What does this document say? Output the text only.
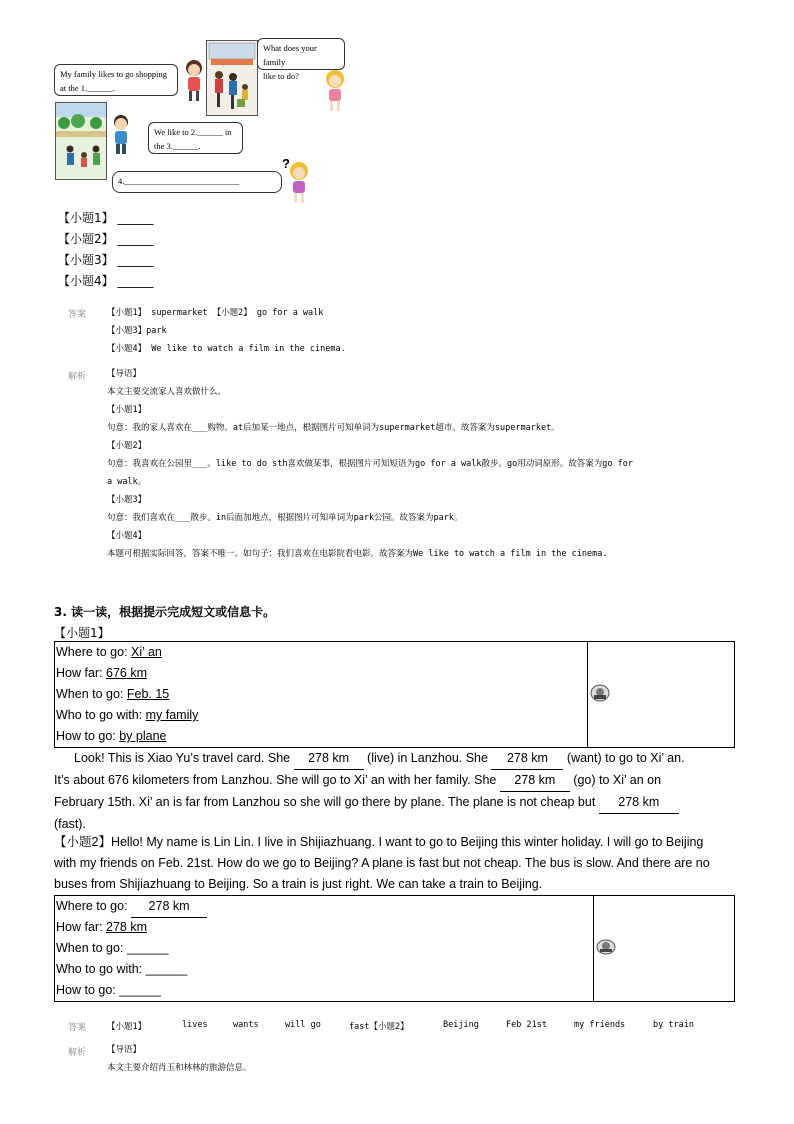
My family likes to go shopping
at the 1.______.
What does your family
like to do?
We like to 2.______ in
the 3.______.
4.___________________________
?
【小题1】 ______
【小题2】 ______
【小题3】 ______
【小题4】 ______
答案 【小题1】 supermarket 【小题2】 go for a walk
【小题3】park
【小题4】 We like to watch a film in the cinema.
解析 【导语】
本文主要交流家人喜欢做什么。
【小题1】
句意：我的家人喜欢在___购物。at后加某一地点，根据图片可知单词为supermarket超市。故答案为supermarket。
【小题2】
句意：我喜欢在公园里___。like to do sth喜欢做某事，根据图片可知短语为go for a walk散步。go用动词原形。故答案为go for
a walk。
【小题3】
句意：我们喜欢在___散步。in后面加地点，根据图片可知单词为park公园。故答案为park。
【小题4】
本题可根据实际回答，答案不唯一。如句子：我们喜欢在电影院看电影。故答案为We like to watch a film in the cinema.
3. 读一读，根据提示完成短文或信息卡。
【小题1】
Where to go: Xi’ an
How far: 676 km
When to go: Feb. 15
Who to go with: my family
How to go: by plane

Look! This is Xiao Yu’s travel card. She 278 km (live) in Lanzhou. She 278 km (want) to go to Xi’ an.
It’s about 676 kilometers from Lanzhou. She will go to Xi’ an with her family. She 278 km (go) to Xi’ an on
February 15th. Xi’ an is far from Lanzhou so she will go there by plane. The plane is not cheap but 278 km
(fast).
【小题2】Hello! My name is Lin Lin. I live in Shijiazhuang. I want to go to Beijing this winter holiday. I will go to Beijing
with my friends on Feb. 21st. How do we go to Beijing? A plane is fast but not cheap. The bus is slow. And there are no
buses from Shijiazhuang to Beijing. So a train is just right. We can take a train to Beijing.
Where to go: 278 km
How far: 278 km
When to go: ______
Who to go with: ______
How to go: ______

答案 【小题1】	lives	wants	will go	fast【小题2】	Beijing	Feb 21st	my friends	by train
解析 【导语】
本文主要介绍肖玉和林林的旅游信息。
